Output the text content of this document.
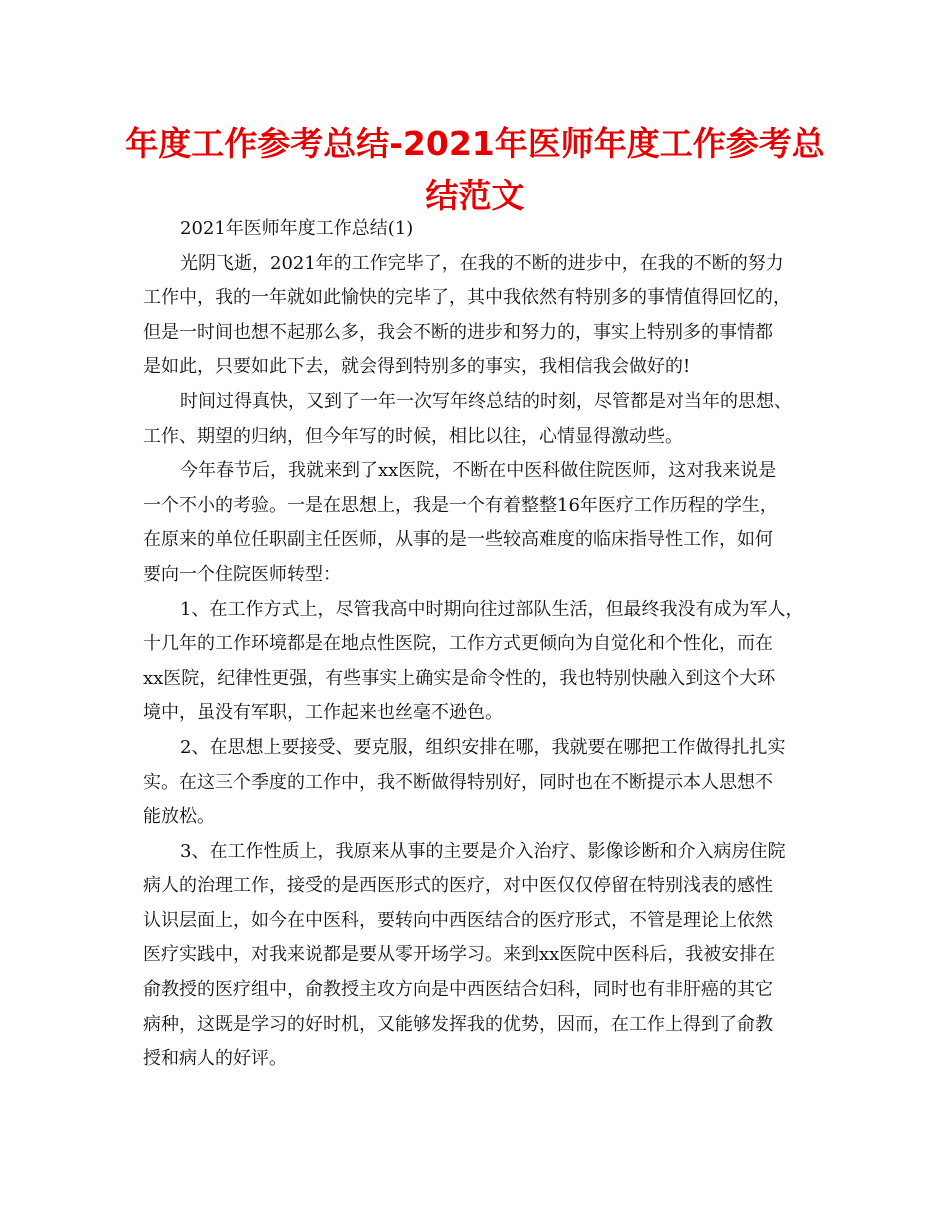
年度工作参考总结-2021年医师年度工作参考总
结范文

2021年医师年度工作总结(1)

光阴飞逝，2021年的工作完毕了，在我的不断的进步中，在我的不断的努力
工作中，我的一年就如此愉快的完毕了，其中我依然有特别多的事情值得回忆的，
但是一时间也想不起那么多，我会不断的进步和努力的，事实上特别多的事情都
是如此，只要如此下去，就会得到特别多的事实，我相信我会做好的!

时间过得真快，又到了一年一次写年终总结的时刻，尽管都是对当年的思想、
工作、期望的归纳，但今年写的时候，相比以往，心情显得激动些。

今年春节后，我就来到了xx医院，不断在中医科做住院医师，这对我来说是
一个不小的考验。一是在思想上，我是一个有着整整16年医疗工作历程的学生，
在原来的单位任职副主任医师，从事的是一些较高难度的临床指导性工作，如何
要向一个住院医师转型：

1、在工作方式上，尽管我高中时期向往过部队生活，但最终我没有成为军人，
十几年的工作环境都是在地点性医院，工作方式更倾向为自觉化和个性化，而在
xx医院，纪律性更强，有些事实上确实是命令性的，我也特别快融入到这个大环
境中，虽没有军职，工作起来也丝毫不逊色。

2、在思想上要接受、要克服，组织安排在哪，我就要在哪把工作做得扎扎实
实。在这三个季度的工作中，我不断做得特别好，同时也在不断提示本人思想不
能放松。

3、在工作性质上，我原来从事的主要是介入治疗、影像诊断和介入病房住院
病人的治理工作，接受的是西医形式的医疗，对中医仅仅停留在特别浅表的感性
认识层面上，如今在中医科，要转向中西医结合的医疗形式，不管是理论上依然
医疗实践中，对我来说都是要从零开场学习。来到xx医院中医科后，我被安排在
俞教授的医疗组中，俞教授主攻方向是中西医结合妇科，同时也有非肝癌的其它
病种，这既是学习的好时机，又能够发挥我的优势，因而，在工作上得到了俞教
授和病人的好评。
